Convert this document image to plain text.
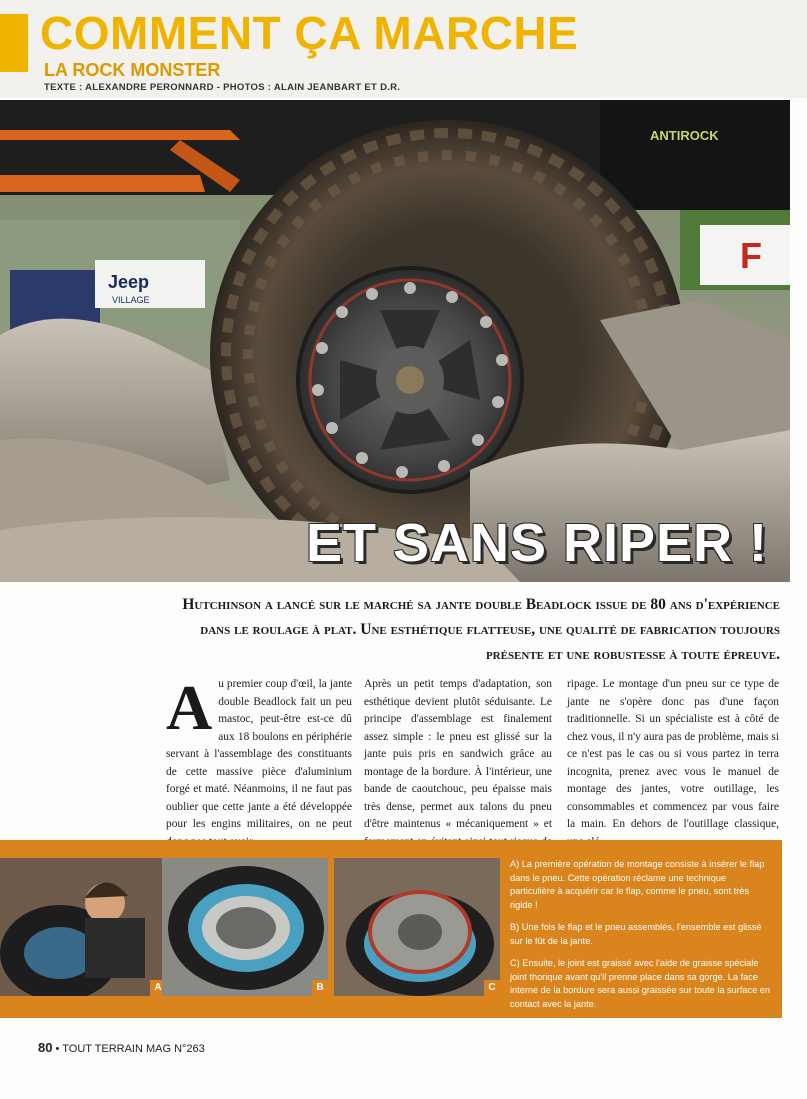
COMMENT ÇA MARCHE
LA ROCK MONSTER
TEXTE : ALEXANDRE PERONNARD - PHOTOS : ALAIN JEANBART ET D.R.
Jeep
VILLAGE
F
ANTIROCK
ET SANS RIPER !
Hutchinson a lancé sur le marché sa jante double Beadlock issue de 80 ans d'expérience dans le roulage à plat. Une esthétique flatteuse, une qualité de fabrication toujours présente et une robustesse à toute épreuve.
Au premier coup d'œil, la jante double Beadlock fait un peu mastoc, peut-être est-ce dû aux 18 boulons en périphérie servant à l'assemblage des constituants de cette massive pièce d'aluminium forgé et maté. Néanmoins, il ne faut pas oublier que cette jante a été développée pour les engins militaires, on ne peut
Après un petit temps d'adaptation, son esthétique devient plutôt séduisante. Le principe d'assemblage est finalement assez simple : le pneu est glissé sur la jante puis pris en sandwich grâce au montage de la bordure. À l'intérieur, une bande de caoutchouc, peu épaisse mais très dense, permet aux talons du pneu d'être maintenus « mécaniquement » et
ripage. Le montage d'un pneu sur ce type de jante ne s'opère donc pas d'une façon traditionnelle. Si un spécialiste est à côté de chez vous, il n'y aura pas de problème, mais si ce n'est pas le cas ou si vous partez in terra incognita, prenez avec vous le manuel de montage des jantes, votre outillage, les consommables et commencez par vous faire la main. En dehors de l'outillage classique,
A	B	C

A) La première opération de montage consiste à insérer le flap dans le pneu. Cette opération réclame une technique particulière à acquérir car le flap, comme le pneu, sont très rigide !

B) Une fois le flap et le pneu assemblés, l'ensemble est glissé sur le fût de la jante.

C) Ensuite, le joint est graissé avec l'aide de graisse spéciale joint thorique avant qu'il prenne place dans sa gorge. La face interne de la bordure sera aussi graissée sur toute la surface en contact avec la jante.

80 • TOUT TERRAIN MAG N°263
